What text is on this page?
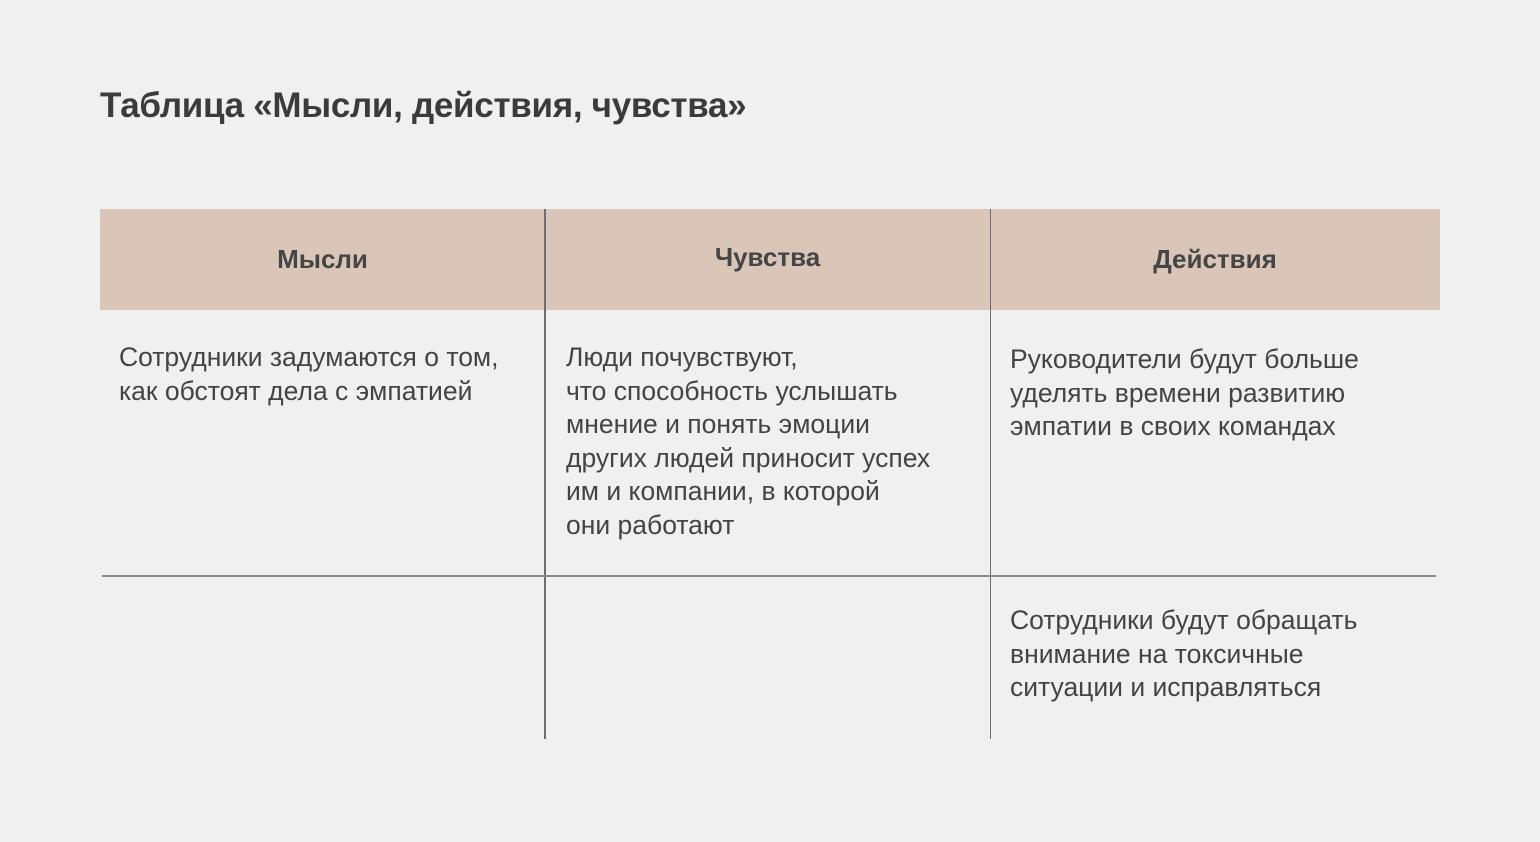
Таблица «Мысли, действия, чувства»
Мысли	Чувства	Действия
Сотрудники задумаются о том,
как обстоят дела с эмпатией
Люди почувствуют,
что способность услышать
мнение и понять эмоции
других людей приносит успех
им и компании, в которой
они работают
Руководители будут больше
уделять времени развитию
эмпатии в своих командах
Сотрудники будут обращать
внимание на токсичные
ситуации и исправляться
